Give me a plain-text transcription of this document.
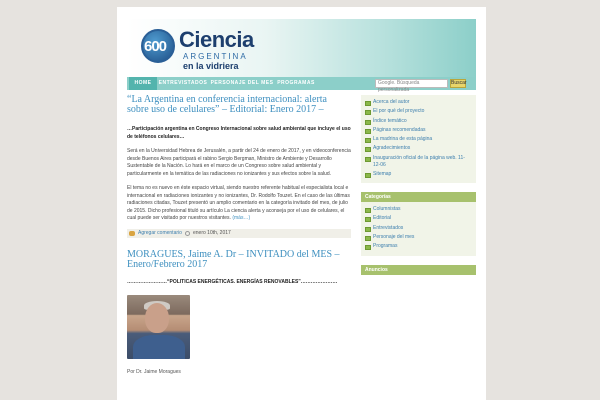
600 Ciencia
ARGENTINA
en la vidriera
HOME	ENTREVISTADOS PERSONAJE DEL MES PROGRAMAS	Google. Búsqueda personalizada
Buscar
“La Argentina en conferencia internacional: alerta sobre uso de celulares” – Editorial: Enero 2017 –
…Participación argentina en Congreso Internacional sobre salud ambiental que incluye el uso de teléfonos celulares…
Será en la Universidad Hebrea de Jerusalén, a partir del 24 de enero de 2017, y en videoconferencia desde Buenos Aires participará el rabino Sergio Bergman, Ministro de Ambiente y Desarrollo Sustentable de la Nación. Lo hará en el marco de un Congreso sobre salud ambiental y particularmente en la temática de las radiaciones no ionizantes y sus efectos sobre la salud.
El tema no es nuevo en éste espacio virtual, siendo nuestro referente habitual el especialista local e internacional en radiaciones ionizantes y no ionizantes, Dr. Rodolfo Touzet. En el caso de las últimas radiaciones citadas, Touzet presentó un amplio comentario en la categoría invitado del mes, de julio de 2015. Dicho profesional tituló su artículo La ciencia alerta y aconseja por el uso de celulares, el cual puede ser visitado por nuestros visitantes. (más…)
Agregar comentario enero 10th, 2017
MORAGUES, Jaime A. Dr – INVITADO del MES – Enero/Febrero 2017
……………………“POLITICAS ENERGÉTICAS. ENERGÍAS RENOVABLES”………………….
Por Dr. Jaime Moragues
Acerca del autor
El por qué del proyecto
Índice temático
Páginas recomendadas
La madrina de esta página
Agradecimientos
Inauguración oficial de la página web. 11-12-06
Sitemap
Categorías
Columnistas
Editorial
Entrevistados
Personaje del mes
Programas
Anuncios
